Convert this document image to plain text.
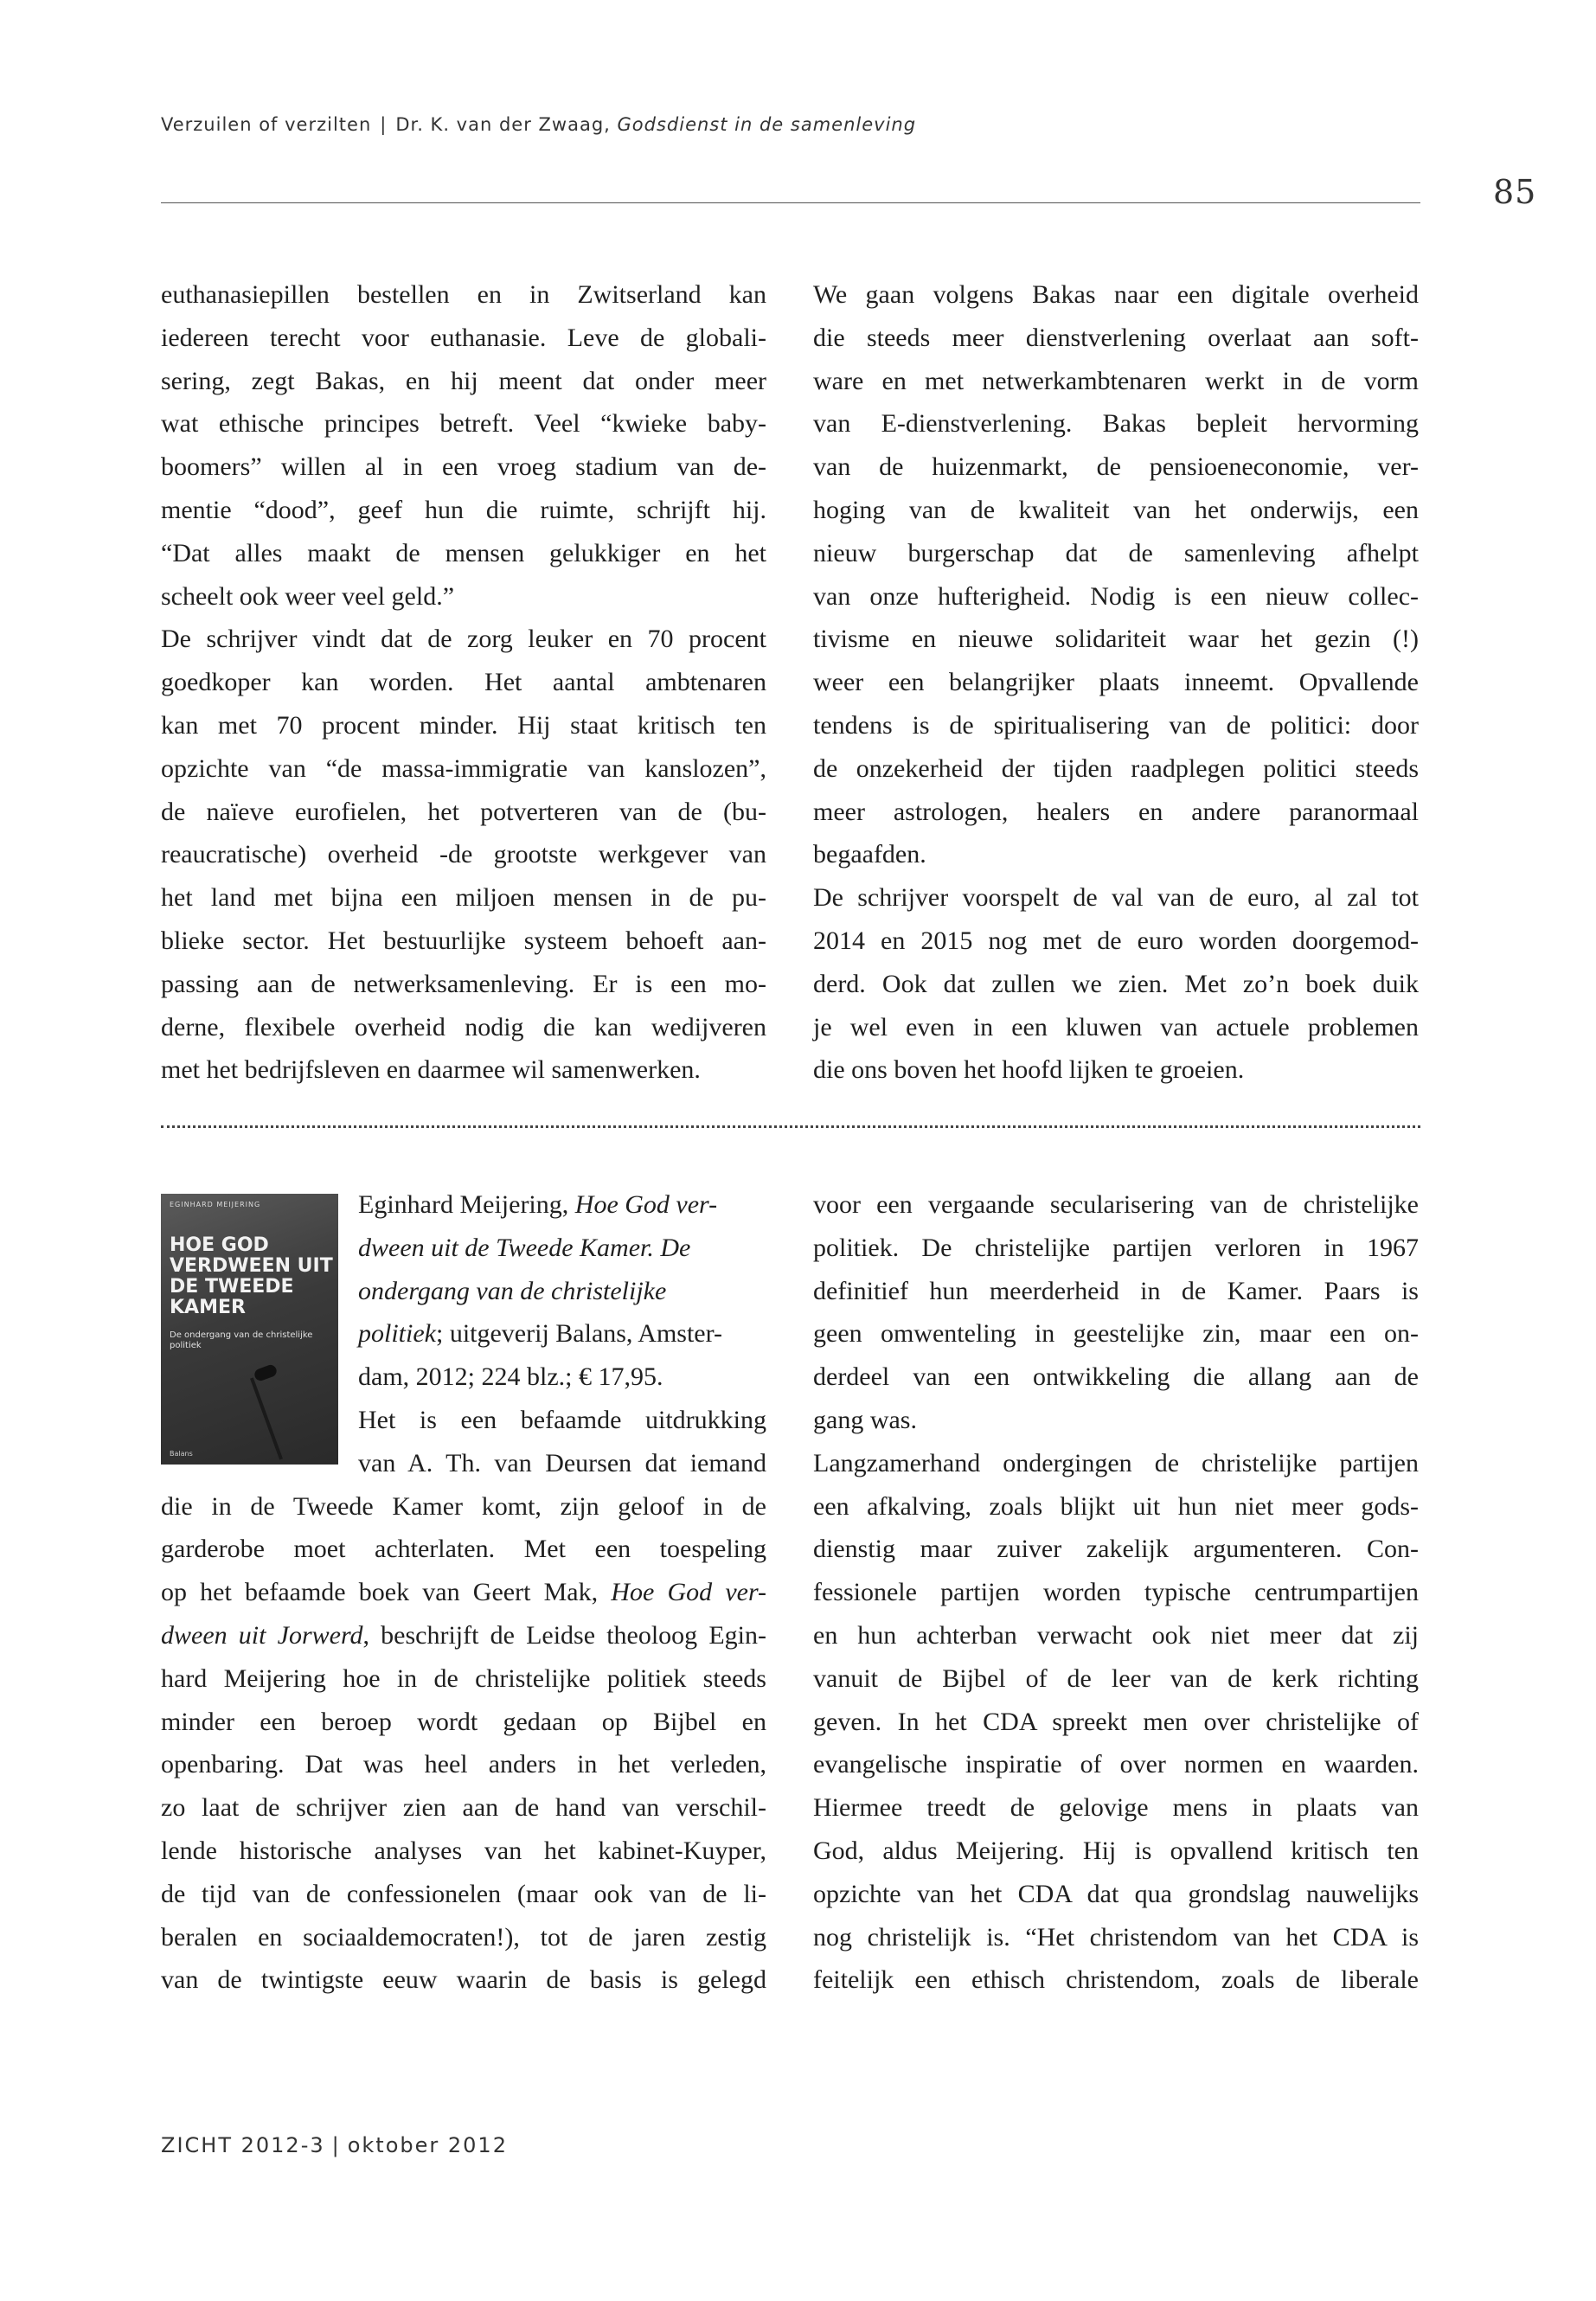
Verzuilen of verzilten | Dr. K. van der Zwaag, Godsdienst in de samenleving
85
euthanasiepillen bestellen en in Zwitserland kan
iedereen terecht voor euthanasie. Leve de globali-
sering, zegt Bakas, en hij meent dat onder meer
wat ethische principes betreft. Veel “kwieke baby-
boomers” willen al in een vroeg stadium van de-
mentie “dood”, geef hun die ruimte, schrijft hij.
“Dat alles maakt de mensen gelukkiger en het
scheelt ook weer veel geld.”
De schrijver vindt dat de zorg leuker en 70 procent
goedkoper kan worden. Het aantal ambtenaren
kan met 70 procent minder. Hij staat kritisch ten
opzichte van “de massa-immigratie van kanslozen”,
de naïeve eurofielen, het potverteren van de (bu-
reaucratische) overheid -de grootste werkgever van
het land met bijna een miljoen mensen in de pu-
blieke sector. Het bestuurlijke systeem behoeft aan-
passing aan de netwerksamenleving. Er is een mo-
derne, flexibele overheid nodig die kan wedijveren
met het bedrijfsleven en daarmee wil samenwerken.
We gaan volgens Bakas naar een digitale overheid
die steeds meer dienstverlening overlaat aan soft-
ware en met netwerkambtenaren werkt in de vorm
van E-dienstverlening. Bakas bepleit hervorming
van de huizenmarkt, de pensioeneconomie, ver-
hoging van de kwaliteit van het onderwijs, een
nieuw burgerschap dat de samenleving afhelpt
van onze hufterigheid. Nodig is een nieuw collec-
tivisme en nieuwe solidariteit waar het gezin (!)
weer een belangrijker plaats inneemt. Opvallende
tendens is de spiritualisering van de politici: door
de onzekerheid der tijden raadplegen politici steeds
meer astrologen, healers en andere paranormaal
begaafden.
De schrijver voorspelt de val van de euro, al zal tot
2014 en 2015 nog met de euro worden doorgemod-
derd. Ook dat zullen we zien. Met zo’n boek duik
je wel even in een kluwen van actuele problemen
die ons boven het hoofd lijken te groeien.
EGINHARD MEIJERING
HOE GOD VERDWEEN UIT DE TWEEDE KAMER
De ondergang van de christelijke politiek
Balans
Eginhard Meijering, Hoe God ver-
dween uit de Tweede Kamer. De
ondergang van de christelijke
politiek; uitgeverij Balans, Amster-
dam, 2012; 224 blz.; € 17,95.
Het is een befaamde uitdrukking
van A. Th. van Deursen dat iemand
die in de Tweede Kamer komt, zijn geloof in de
garderobe moet achterlaten. Met een toespeling
op het befaamde boek van Geert Mak, Hoe God ver-
dween uit Jorwerd, beschrijft de Leidse theoloog Egin-
hard Meijering hoe in de christelijke politiek steeds
minder een beroep wordt gedaan op Bijbel en
openbaring. Dat was heel anders in het verleden,
zo laat de schrijver zien aan de hand van verschil-
lende historische analyses van het kabinet-Kuyper,
de tijd van de confessionelen (maar ook van de li-
beralen en sociaaldemocraten!), tot de jaren zestig
van de twintigste eeuw waarin de basis is gelegd
voor een vergaande secularisering van de christelijke
politiek. De christelijke partijen verloren in 1967
definitief hun meerderheid in de Kamer. Paars is
geen omwenteling in geestelijke zin, maar een on-
derdeel van een ontwikkeling die allang aan de
gang was.
Langzamerhand ondergingen de christelijke partijen
een afkalving, zoals blijkt uit hun niet meer gods-
dienstig maar zuiver zakelijk argumenteren. Con-
fessionele partijen worden typische centrumpartijen
en hun achterban verwacht ook niet meer dat zij
vanuit de Bijbel of de leer van de kerk richting
geven. In het CDA spreekt men over christelijke of
evangelische inspiratie of over normen en waarden.
Hiermee treedt de gelovige mens in plaats van
God, aldus Meijering. Hij is opvallend kritisch ten
opzichte van het CDA dat qua grondslag nauwelijks
nog christelijk is. “Het christendom van het CDA is
feitelijk een ethisch christendom, zoals de liberale
ZICHT 2012-3 | oktober 2012
